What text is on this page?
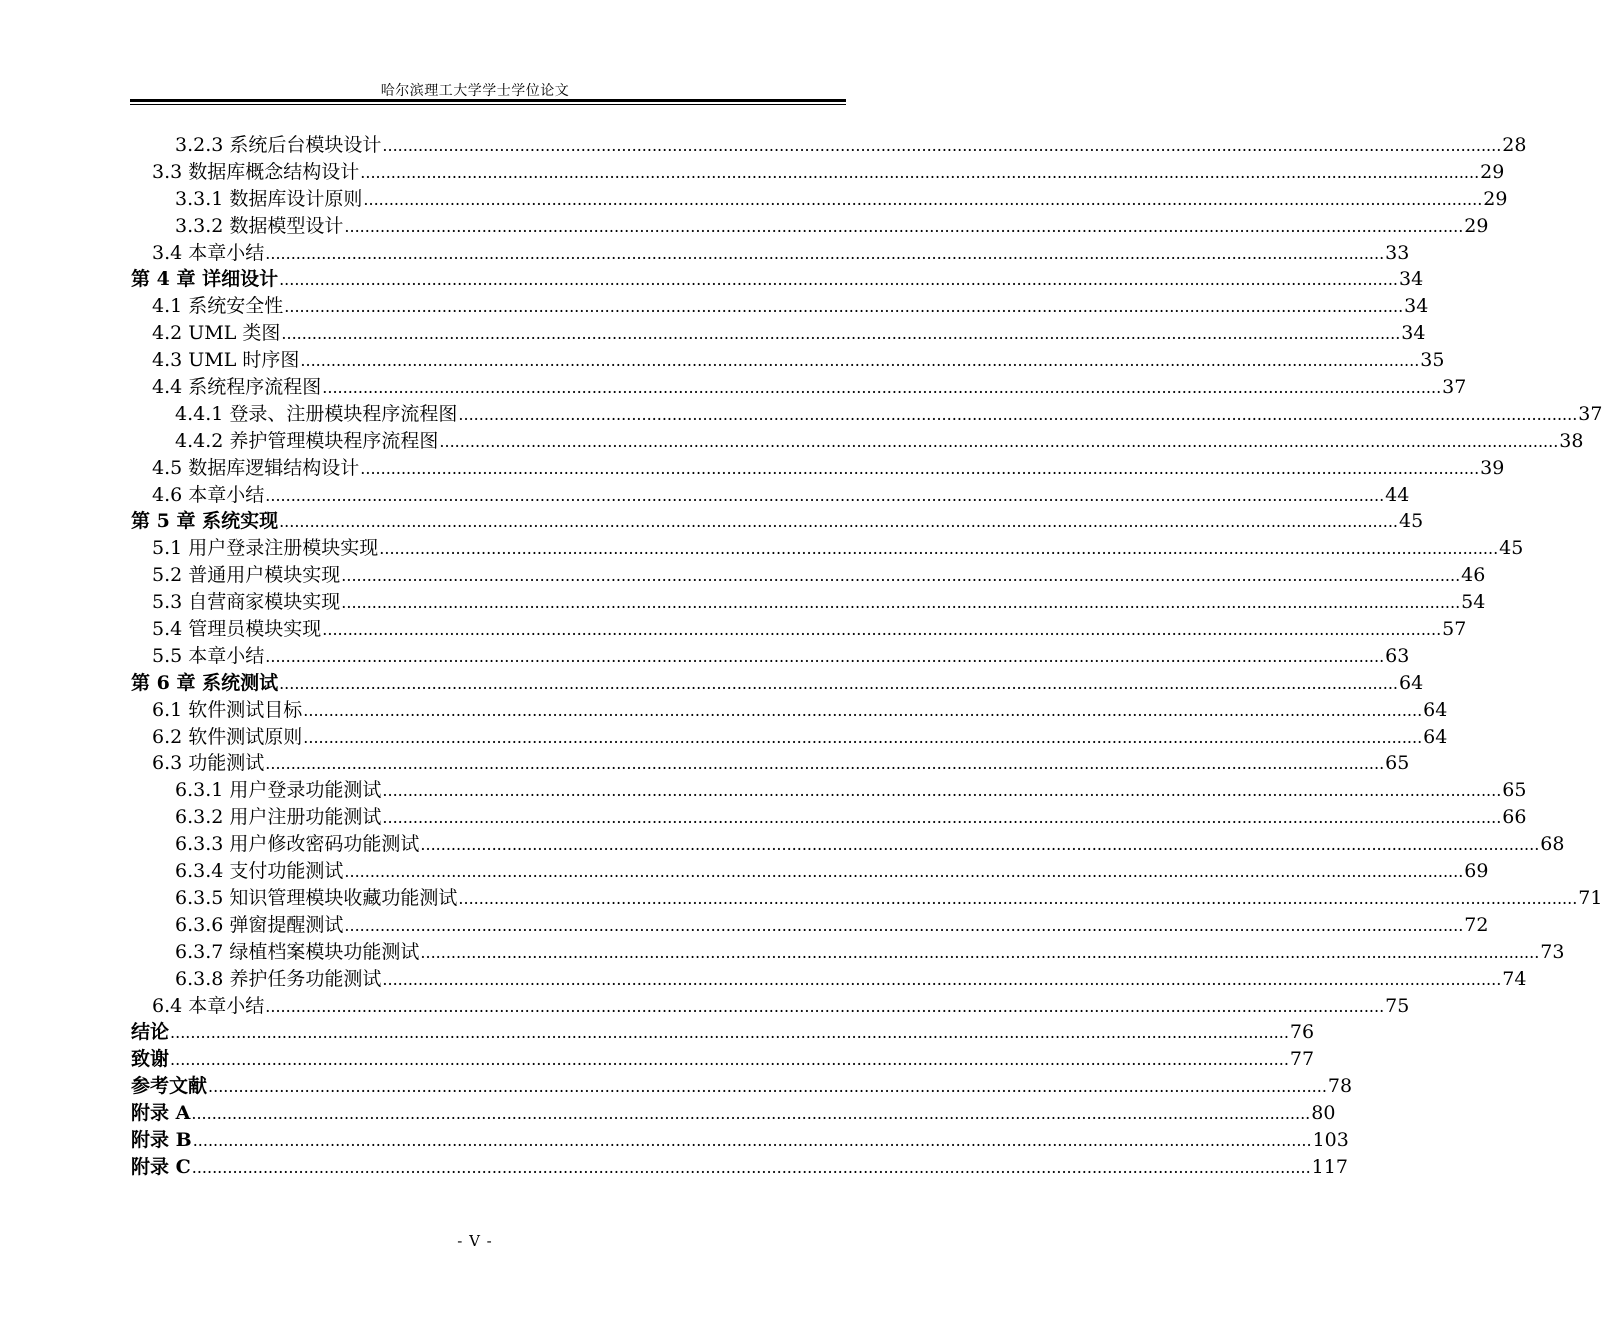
哈尔滨理工大学学士学位论文
3.2.3 系统后台模块设计 ............................................................................................................................................................................................................................ 28
3.3 数据库概念结构设计 ............................................................................................................................................................................................................................ 29
3.3.1 数据库设计原则 ............................................................................................................................................................................................................................ 29
3.3.2 数据模型设计 ............................................................................................................................................................................................................................ 29
3.4 本章小结 ............................................................................................................................................................................................................................ 33
第 4 章 详细设计 ............................................................................................................................................................................................................................ 34
4.1 系统安全性 ............................................................................................................................................................................................................................ 34
4.2 UML 类图 ............................................................................................................................................................................................................................ 34
4.3 UML 时序图 ............................................................................................................................................................................................................................ 35
4.4 系统程序流程图 ............................................................................................................................................................................................................................ 37
4.4.1 登录、注册模块程序流程图 ............................................................................................................................................................................................................................ 37
4.4.2 养护管理模块程序流程图 ............................................................................................................................................................................................................................ 38
4.5 数据库逻辑结构设计 ............................................................................................................................................................................................................................ 39
4.6 本章小结 ............................................................................................................................................................................................................................ 44
第 5 章 系统实现 ............................................................................................................................................................................................................................ 45
5.1 用户登录注册模块实现 ............................................................................................................................................................................................................................ 45
5.2 普通用户模块实现 ............................................................................................................................................................................................................................ 46
5.3 自营商家模块实现 ............................................................................................................................................................................................................................ 54
5.4 管理员模块实现 ............................................................................................................................................................................................................................ 57
5.5 本章小结 ............................................................................................................................................................................................................................ 63
第 6 章 系统测试 ............................................................................................................................................................................................................................ 64
6.1 软件测试目标 ............................................................................................................................................................................................................................ 64
6.2 软件测试原则 ............................................................................................................................................................................................................................ 64
6.3 功能测试 ............................................................................................................................................................................................................................ 65
6.3.1 用户登录功能测试 ............................................................................................................................................................................................................................ 65
6.3.2 用户注册功能测试 ............................................................................................................................................................................................................................ 66
6.3.3 用户修改密码功能测试 ............................................................................................................................................................................................................................ 68
6.3.4 支付功能测试 ............................................................................................................................................................................................................................ 69
6.3.5 知识管理模块收藏功能测试 ............................................................................................................................................................................................................................ 71
6.3.6 弹窗提醒测试 ............................................................................................................................................................................................................................ 72
6.3.7 绿植档案模块功能测试 ............................................................................................................................................................................................................................ 73
6.3.8 养护任务功能测试 ............................................................................................................................................................................................................................ 74
6.4 本章小结 ............................................................................................................................................................................................................................ 75
结论 ............................................................................................................................................................................................................................ 76
致谢 ............................................................................................................................................................................................................................ 77
参考文献 ............................................................................................................................................................................................................................ 78
附录 A ............................................................................................................................................................................................................................ 80
附录 B ............................................................................................................................................................................................................................ 103
附录 C ............................................................................................................................................................................................................................ 117
- V -
